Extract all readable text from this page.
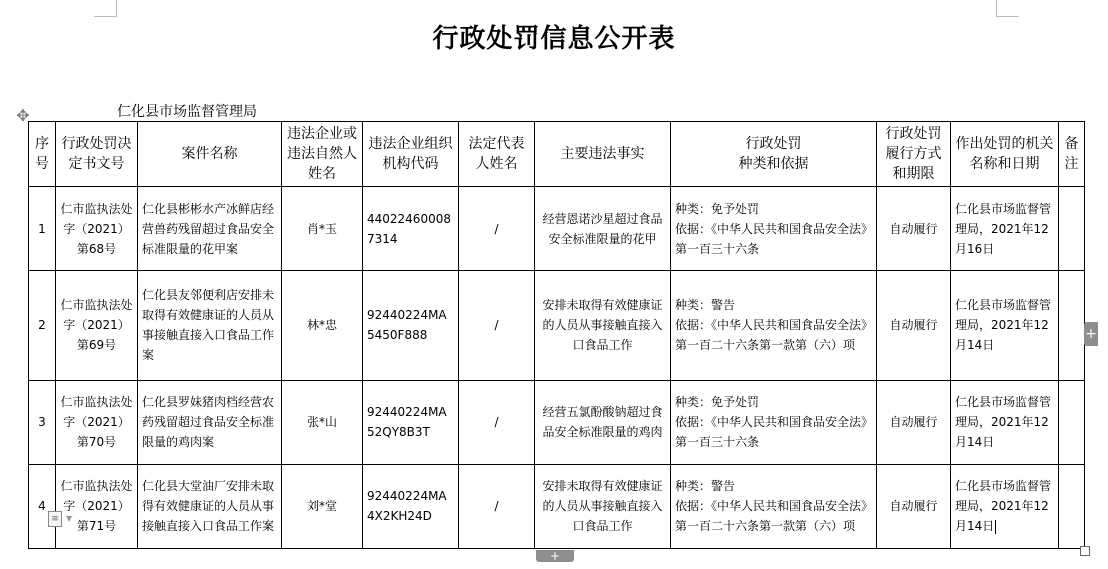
行政处罚信息公开表
✥	仁化县市场监督管理局
序号	行政处罚决定书文号	案件名称	违法企业或违法自然人姓名	违法企业组织机构代码	法定代表人姓名	主要违法事实	行政处罚
种类和依据	行政处罚履行方式和期限	作出处罚的机关名称和日期	备注
1	仁市监执法处字（2021）第68号	仁化县彬彬水产冰鲜店经营兽药残留超过食品安全标准限量的花甲案	肖*玉	440224600087314	/	经营恩诺沙星超过食品安全标准限量的花甲	种类：免予处罚
依据：《中华人民共和国食品安全法》第一百三十六条	自动履行	仁化县市场监督管理局，2021年12月16日	
2	仁市监执法处字（2021）第69号	仁化县友邻便利店安排未取得有效健康证的人员从事接触直接入口食品工作案	林*忠	92440224MA5450F888	/	安排未取得有效健康证的人员从事接触直接入口食品工作	种类：警告
依据：《中华人民共和国食品安全法》第一百二十六条第一款第（六）项	自动履行	仁化县市场监督管理局，2021年12月14日	
3	仁市监执法处字（2021）第70号	仁化县罗妹猪肉档经营农药残留超过食品安全标准限量的鸡肉案	张*山	92440224MA52QY8B3T	/	经营五氯酚酸钠超过食品安全标准限量的鸡肉	种类：免予处罚
依据：《中华人民共和国食品安全法》第一百三十六条	自动履行	仁化县市场监督管理局，2021年12月14日	
4	仁市监执法处字（2021）第71号	仁化县大堂油厂安排未取得有效健康证的人员从事接触直接入口食品工作案	刘*堂	92440224MA4X2KH24D	/	安排未取得有效健康证的人员从事接触直接入口食品工作	种类：警告
依据：《中华人民共和国食品安全法》第一百二十六条第一款第（六）项	自动履行	仁化县市场监督管理局，2021年12月14日	
≡ ▼
+
+
